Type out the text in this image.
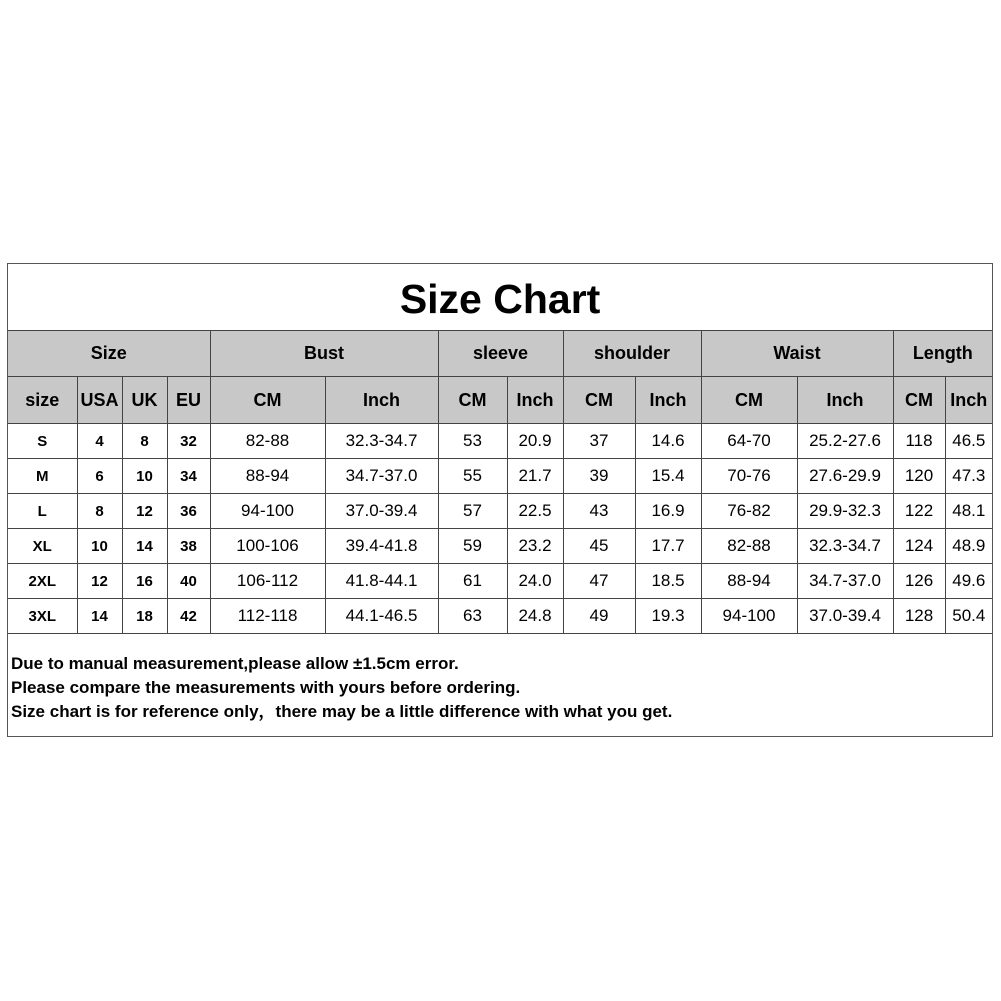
Size Chart													
Size				Bust		sleeve		shoulder		Waist		Length	
size	USA	UK	EU	CM	Inch	CM	Inch	CM	Inch	CM	Inch	CM	Inch
S	4	8	32	82-88	32.3-34.7	53	20.9	37	14.6	64-70	25.2-27.6	118	46.5
M	6	10	34	88-94	34.7-37.0	55	21.7	39	15.4	70-76	27.6-29.9	120	47.3
L	8	12	36	94-100	37.0-39.4	57	22.5	43	16.9	76-82	29.9-32.3	122	48.1
XL	10	14	38	100-106	39.4-41.8	59	23.2	45	17.7	82-88	32.3-34.7	124	48.9
2XL	12	16	40	106-112	41.8-44.1	61	24.0	47	18.5	88-94	34.7-37.0	126	49.6
3XL	14	18	42	112-118	44.1-46.5	63	24.8	49	19.3	94-100	37.0-39.4	128	50.4
Due to manual measurement,please allow ±1.5cm error.
Please compare the measurements with yours before ordering.
Size chart is for reference only，there may be a little difference with what you get.
